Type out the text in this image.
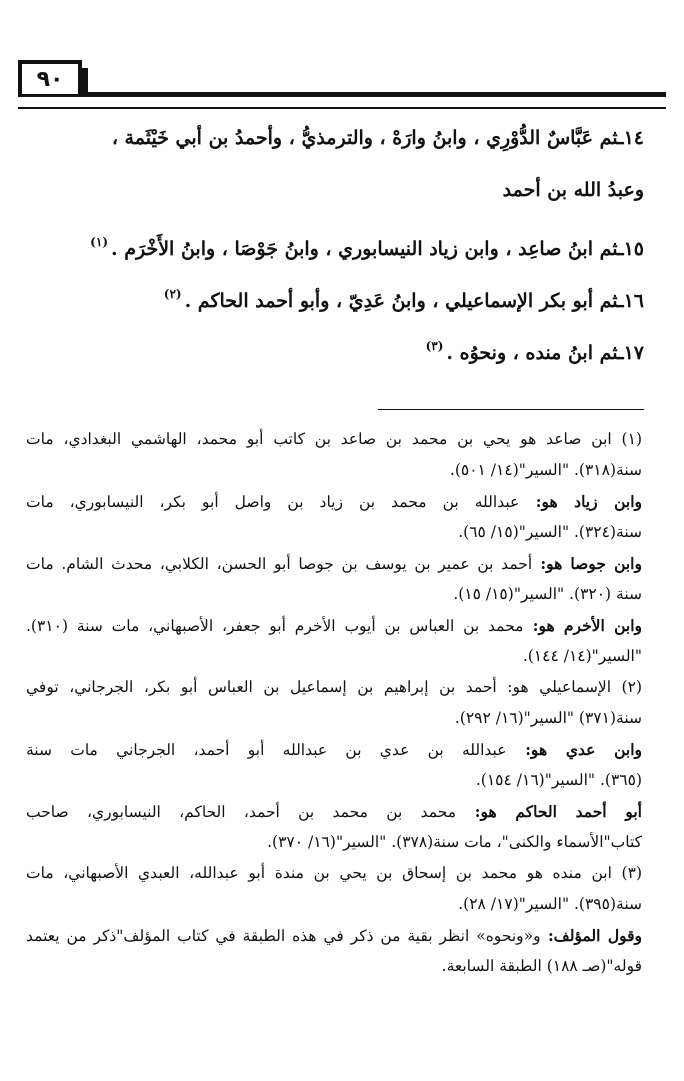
٩٠
١٤ـثم عَبَّاسٌ الدُّوْرِي ، وابنُ وارَهْ ، والترمذيُّ ، وأحمدُ بن أبي خَيْثَمة ،
وعبدُ الله بن أحمد
١٥ـثم ابنُ صاعِد ، وابن زياد النيسابوري ، وابنُ جَوْصَا ، وابنُ الأَخْرَم .$^{(١)}$
١٦ـثم أبو بكر الإسماعيلي ، وابنُ عَدِيّ ، وأبو أحمد الحاكم .$^{(٢)}$
١٧ـثم ابنُ منده ، ونحوُه .$^{(٣)}$
(١) ابن صاعد هو يحي بن محمد بن صاعد بن كاتب أبو محمد، الهاشمي البغدادي، مات
سنة(٣١٨). "السير"(١٤/ ٥٠١).
وابن زياد هو: عبدالله بن محمد بن زياد بن واصل أبو بكر، النيسابوري، مات
سنة(٣٢٤). "السير"(١٥/ ٦٥).
وابن جوصا هو: أحمد بن عمير بن يوسف بن جوصا أبو الحسن، الكلابي، محدث الشام. مات
سنة (٣٢٠). "السير"(١٥/ ١٥).
وابن الأخرم هو: محمد بن العباس بن أيوب الأخرم أبو جعفر، الأصبهاني، مات سنة (٣١٠).
"السير"(١٤/ ١٤٤).
(٢) الإسماعيلي هو: أحمد بن إبراهيم بن إسماعيل بن العباس أبو بكر، الجرجاني، توفي
سنة(٣٧١) "السير"(١٦/ ٢٩٢).
وابن عدي هو: عبدالله بن عدي بن عبدالله أبو أحمد، الجرجاني مات سنة
(٣٦٥). "السير"(١٦/ ١٥٤).
أبو أحمد الحاكم هو: محمد بن محمد بن أحمد، الحاكم، النيسابوري، صاحب
كتاب"الأسماء والكنى"، مات سنة(٣٧٨). "السير"(١٦/ ٣٧٠).
(٣) ابن منده هو محمد بن إسحاق بن يحي بن مندة أبو عبدالله، العبدي الأصبهاني، مات
سنة(٣٩٥). "السير"(١٧/ ٢٨).
وقول المؤلف: و«ونحوه» انظر بقية من ذكر في هذه الطبقة في كتاب المؤلف"ذكر من يعتمد
قوله"(صـ ١٨٨) الطبقة السابعة.
